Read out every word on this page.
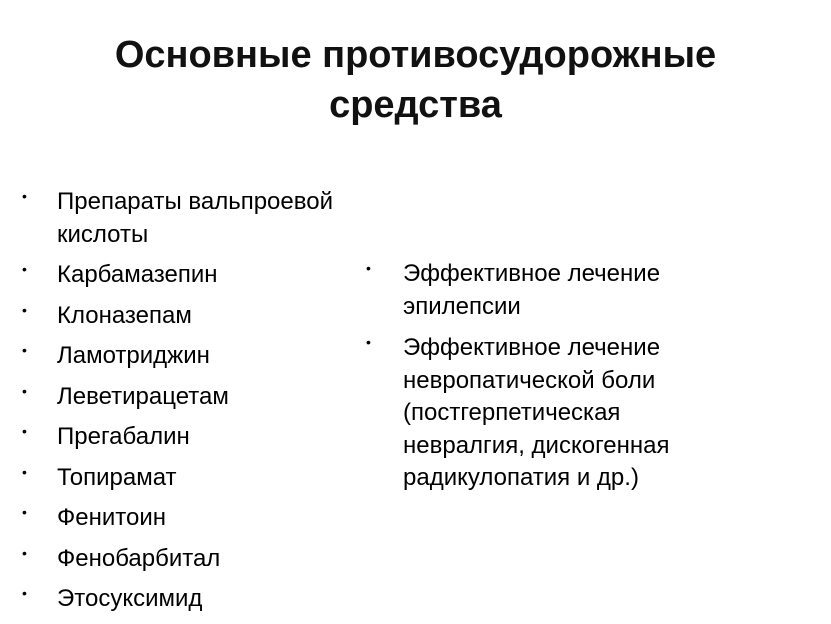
Основные противосудорожные средства
• Препараты вальпроевой кислоты
• Карбамазепин
• Клоназепам
• Ламотриджин
• Леветирацетам
• Прегабалин
• Топирамат
• Фенитоин
• Фенобарбитал
• Этосуксимид
• Эффективное лечение эпилепсии
• Эффективное лечение невропатической боли (постгерпетическая невралгия, дискогенная радикулопатия и др.)
